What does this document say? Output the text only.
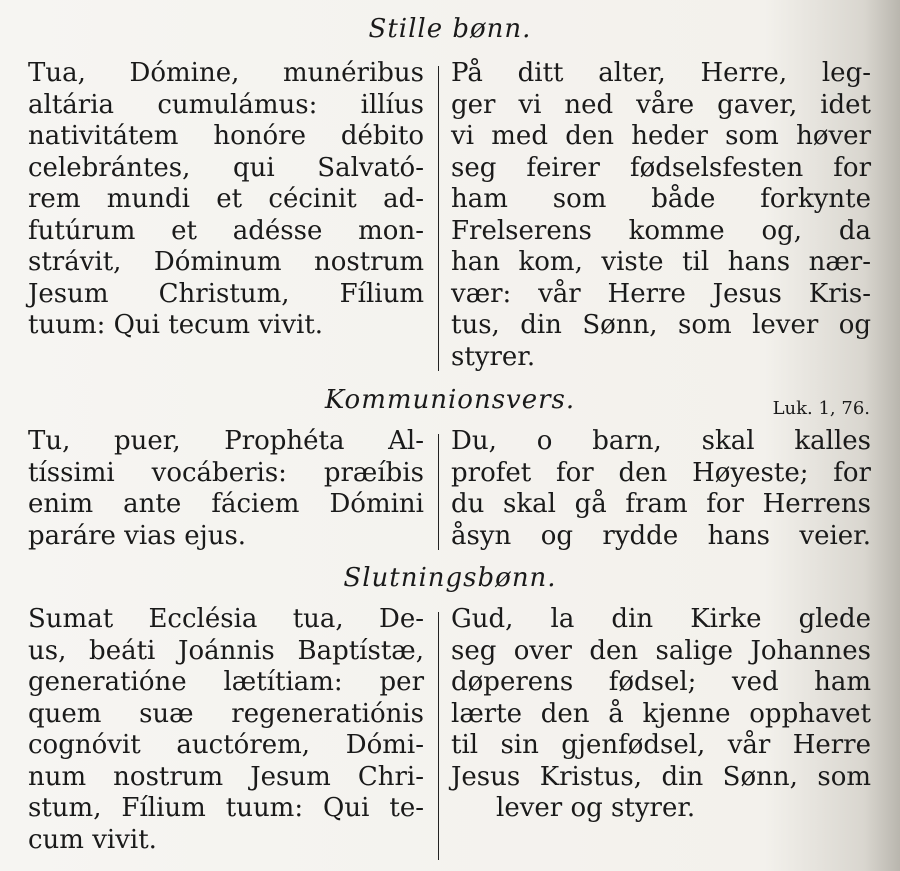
Stille bønn.
Tua, Dómine, munéribus
altária cumulámus: illíus
nativitátem honóre débito
celebrántes, qui Salvató-
rem mundi et cécinit ad-
futúrum et adésse mon-
strávit, Dóminum nostrum
Jesum Christum, Fílium
tuum: Qui tecum vivit.
På ditt alter, Herre, leg-
ger vi ned våre gaver, idet
vi med den heder som høver
seg feirer fødselsfesten for
ham som både forkynte
Frelserens komme og, da
han kom, viste til hans nær-
vær: vår Herre Jesus Kris-
tus, din Sønn, som lever og
styrer.
Kommunionsvers.	Luk. 1, 76.
Tu, puer, Prophéta Al-
tíssimi vocáberis: præíbis
enim ante fáciem Dómini
paráre vias ejus.
Du, o barn, skal kalles
profet for den Høyeste; for
du skal gå fram for Herrens
åsyn og rydde hans veier.
Slutningsbønn.
Sumat Ecclésia tua, De-
us, beáti Joánnis Baptístæ,
generatióne lætítiam: per
quem suæ regeneratiónis
cognóvit auctórem, Dómi-
num nostrum Jesum Chri-
stum, Fílium tuum: Qui te-
cum vivit.
Gud, la din Kirke glede
seg over den salige Johannes
døperens fødsel; ved ham
lærte den å kjenne opphavet
til sin gjenfødsel, vår Herre
Jesus Kristus, din Sønn, som
lever og styrer.
